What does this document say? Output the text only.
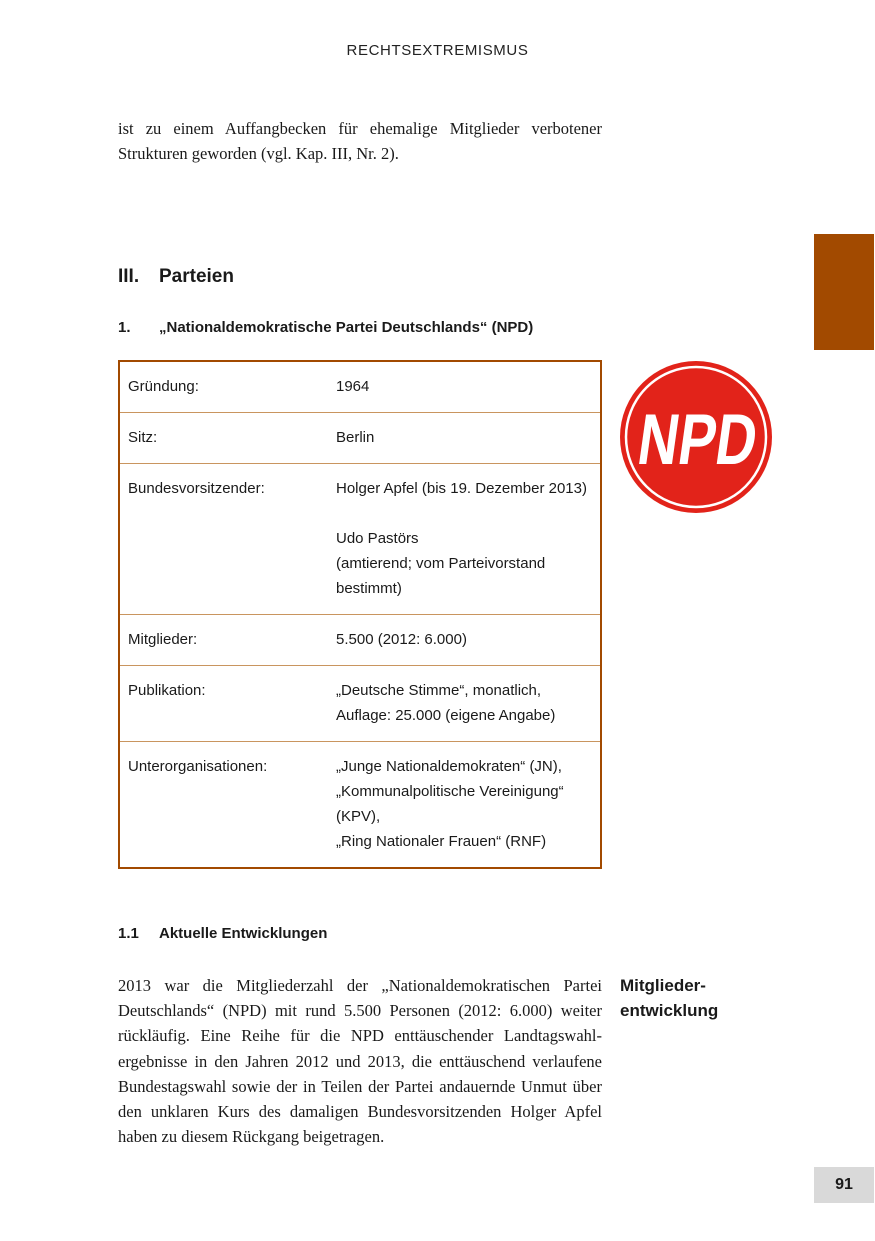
RECHTSEXTREMISMUS

ist zu einem Auffangbecken für ehemalige Mitglieder verbotener Strukturen geworden (vgl. Kap. III, Nr. 2).

III. Parteien
1. „Nationaldemokratische Partei Deutschlands“ (NPD)
Gründung:	1964
Sitz:	Berlin
Bundesvorsitzender:	Holger Apfel (bis 19. Dezember 2013)
Udo Pastörs
(amtierend; vom Parteivorstand
bestimmt)
Mitglieder:	5.500 (2012: 6.000)
Publikation:	„Deutsche Stimme“, monatlich,
Auflage: 25.000 (eigene Angabe)
Unterorganisationen:	„Junge Nationaldemokraten“ (JN),
„Kommunalpolitische Vereinigung“
(KPV),
„Ring Nationaler Frauen“ (RNF)
NPD
1.1 Aktuelle Entwicklungen

2013 war die Mitgliederzahl der „Nationaldemokratischen Partei Deutschlands“ (NPD) mit rund 5.500 Personen (2012: 6.000) weiter rückläufig. Eine Reihe für die NPD enttäuschender Landtagswahlergebnisse in den Jahren 2012 und 2013, die enttäuschend verlaufene Bundestagswahl sowie der in Teilen der Partei andauernde Unmut über den unklaren Kurs des damaligen Bundesvorsitzenden Holger Apfel haben zu diesem Rückgang beigetragen.

Mitglieder-
entwicklung
91
